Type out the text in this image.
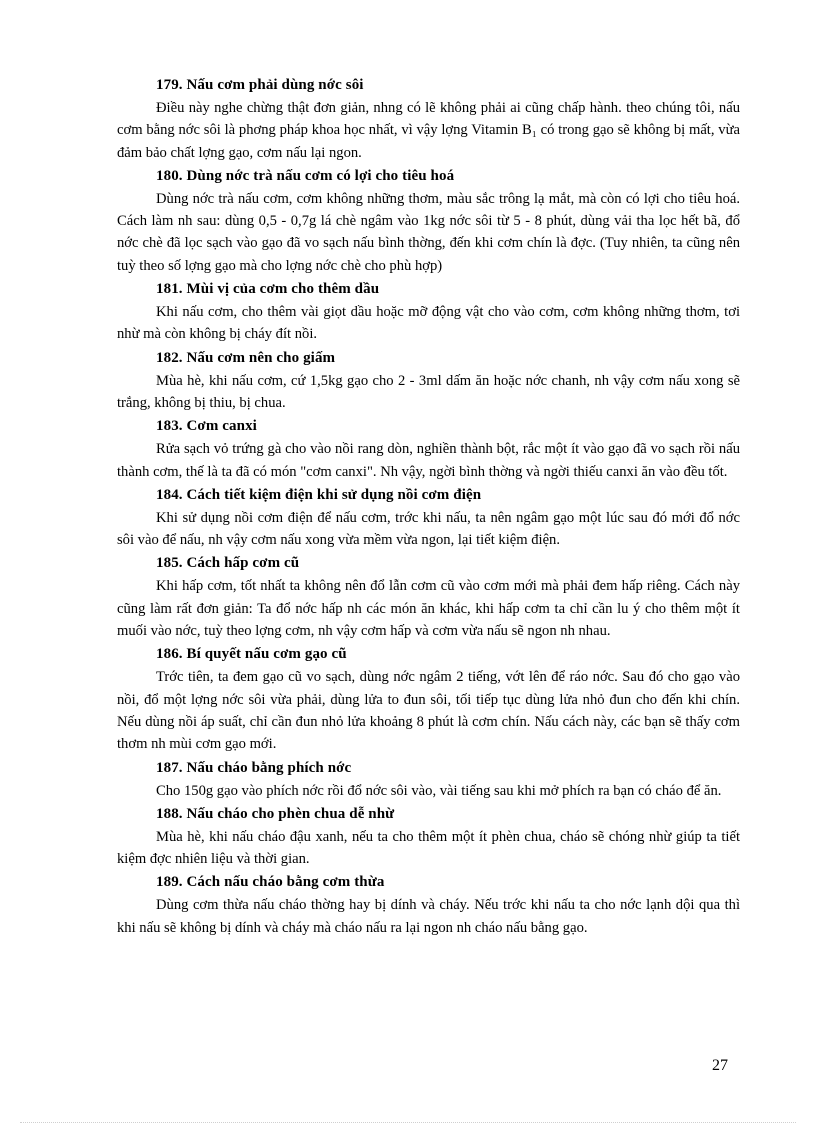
179. Nấu cơm phải dùng nớc sôi

Điều này nghe chừng thật đơn giản, nhng có lẽ không phải ai cũng chấp hành. theo chúng tôi, nấu cơm bằng nớc sôi là phơng pháp khoa học nhất, vì vậy lợng Vitamin B₁ có trong gạo sẽ không bị mất, vừa đảm bảo chất lợng gạo, cơm nấu lại ngon.

180. Dùng nớc trà nấu cơm có lợi cho tiêu hoá

Dùng nớc trà nấu cơm, cơm không những thơm, màu sắc trông lạ mắt, mà còn có lợi cho tiêu hoá. Cách làm nh sau: dùng 0,5 - 0,7g lá chè ngâm vào 1kg nớc sôi từ 5 - 8 phút, dùng vải tha lọc hết bã, đổ nớc chè đã lọc sạch vào gạo đã vo sạch nấu bình thờng, đến khi cơm chín là đợc. (Tuy nhiên, ta cũng nên tuỳ theo số lợng gạo mà cho lợng nớc chè cho phù hợp)

181. Mùi vị của cơm cho thêm dầu

Khi nấu cơm, cho thêm vài giọt dầu hoặc mỡ động vật cho vào cơm, cơm không những thơm, tơi nhừ mà còn không bị cháy đít nồi.

182. Nấu cơm nên cho giấm

Mùa hè, khi nấu cơm, cứ 1,5kg gạo cho 2 - 3ml dấm ăn hoặc nớc chanh, nh vậy cơm nấu xong sẽ trắng, không bị thiu, bị chua.

183. Cơm canxi

Rửa sạch vỏ trứng gà cho vào nồi rang dòn, nghiền thành bột, rắc một ít vào gạo đã vo sạch rồi nấu thành cơm, thế là ta đã có món "cơm canxi". Nh vậy, ngời bình thờng và ngời thiếu canxi ăn vào đều tốt.

184. Cách tiết kiệm điện khi sử dụng nồi cơm điện

Khi sử dụng nồi cơm điện để nấu cơm, trớc khi nấu, ta nên ngâm gạo một lúc sau đó mới đổ nớc sôi vào để nấu, nh vậy cơm nấu xong vừa mềm vừa ngon, lại tiết kiệm điện.

185. Cách hấp cơm cũ

Khi hấp cơm, tốt nhất ta không nên đổ lẫn cơm cũ vào cơm mới mà phải đem hấp riêng. Cách này cũng làm rất đơn giản: Ta đổ nớc hấp nh các món ăn khác, khi hấp cơm ta chỉ cần lu ý cho thêm một ít muối vào nớc, tuỳ theo lợng cơm, nh vậy cơm hấp và cơm vừa nấu sẽ ngon nh nhau.

186. Bí quyết nấu cơm gạo cũ

Trớc tiên, ta đem gạo cũ vo sạch, dùng nớc ngâm 2 tiếng, vớt lên để ráo nớc. Sau đó cho gạo vào nồi, đổ một lợng nớc sôi vừa phải, dùng lửa to đun sôi, tối tiếp tục dùng lửa nhỏ đun cho đến khi chín. Nếu dùng nồi áp suất, chỉ cần đun nhỏ lửa khoảng 8 phút là cơm chín. Nấu cách này, các bạn sẽ thấy cơm thơm nh mùi cơm gạo mới.

187. Nấu cháo bằng phích nớc

Cho 150g gạo vào phích nớc rồi đổ nớc sôi vào, vài tiếng sau khi mở phích ra bạn có cháo để ăn.

188. Nấu cháo cho phèn chua dễ nhừ

Mùa hè, khi nấu cháo đậu xanh, nếu ta cho thêm một ít phèn chua, cháo sẽ chóng nhừ giúp ta tiết kiệm đợc nhiên liệu và thời gian.

189. Cách nấu cháo bằng cơm thừa

Dùng cơm thừa nấu cháo thờng hay bị dính và cháy. Nếu trớc khi nấu ta cho nớc lạnh dội qua thì khi nấu sẽ không bị dính và cháy mà cháo nấu ra lại ngon nh cháo nấu bằng gạo.

27
